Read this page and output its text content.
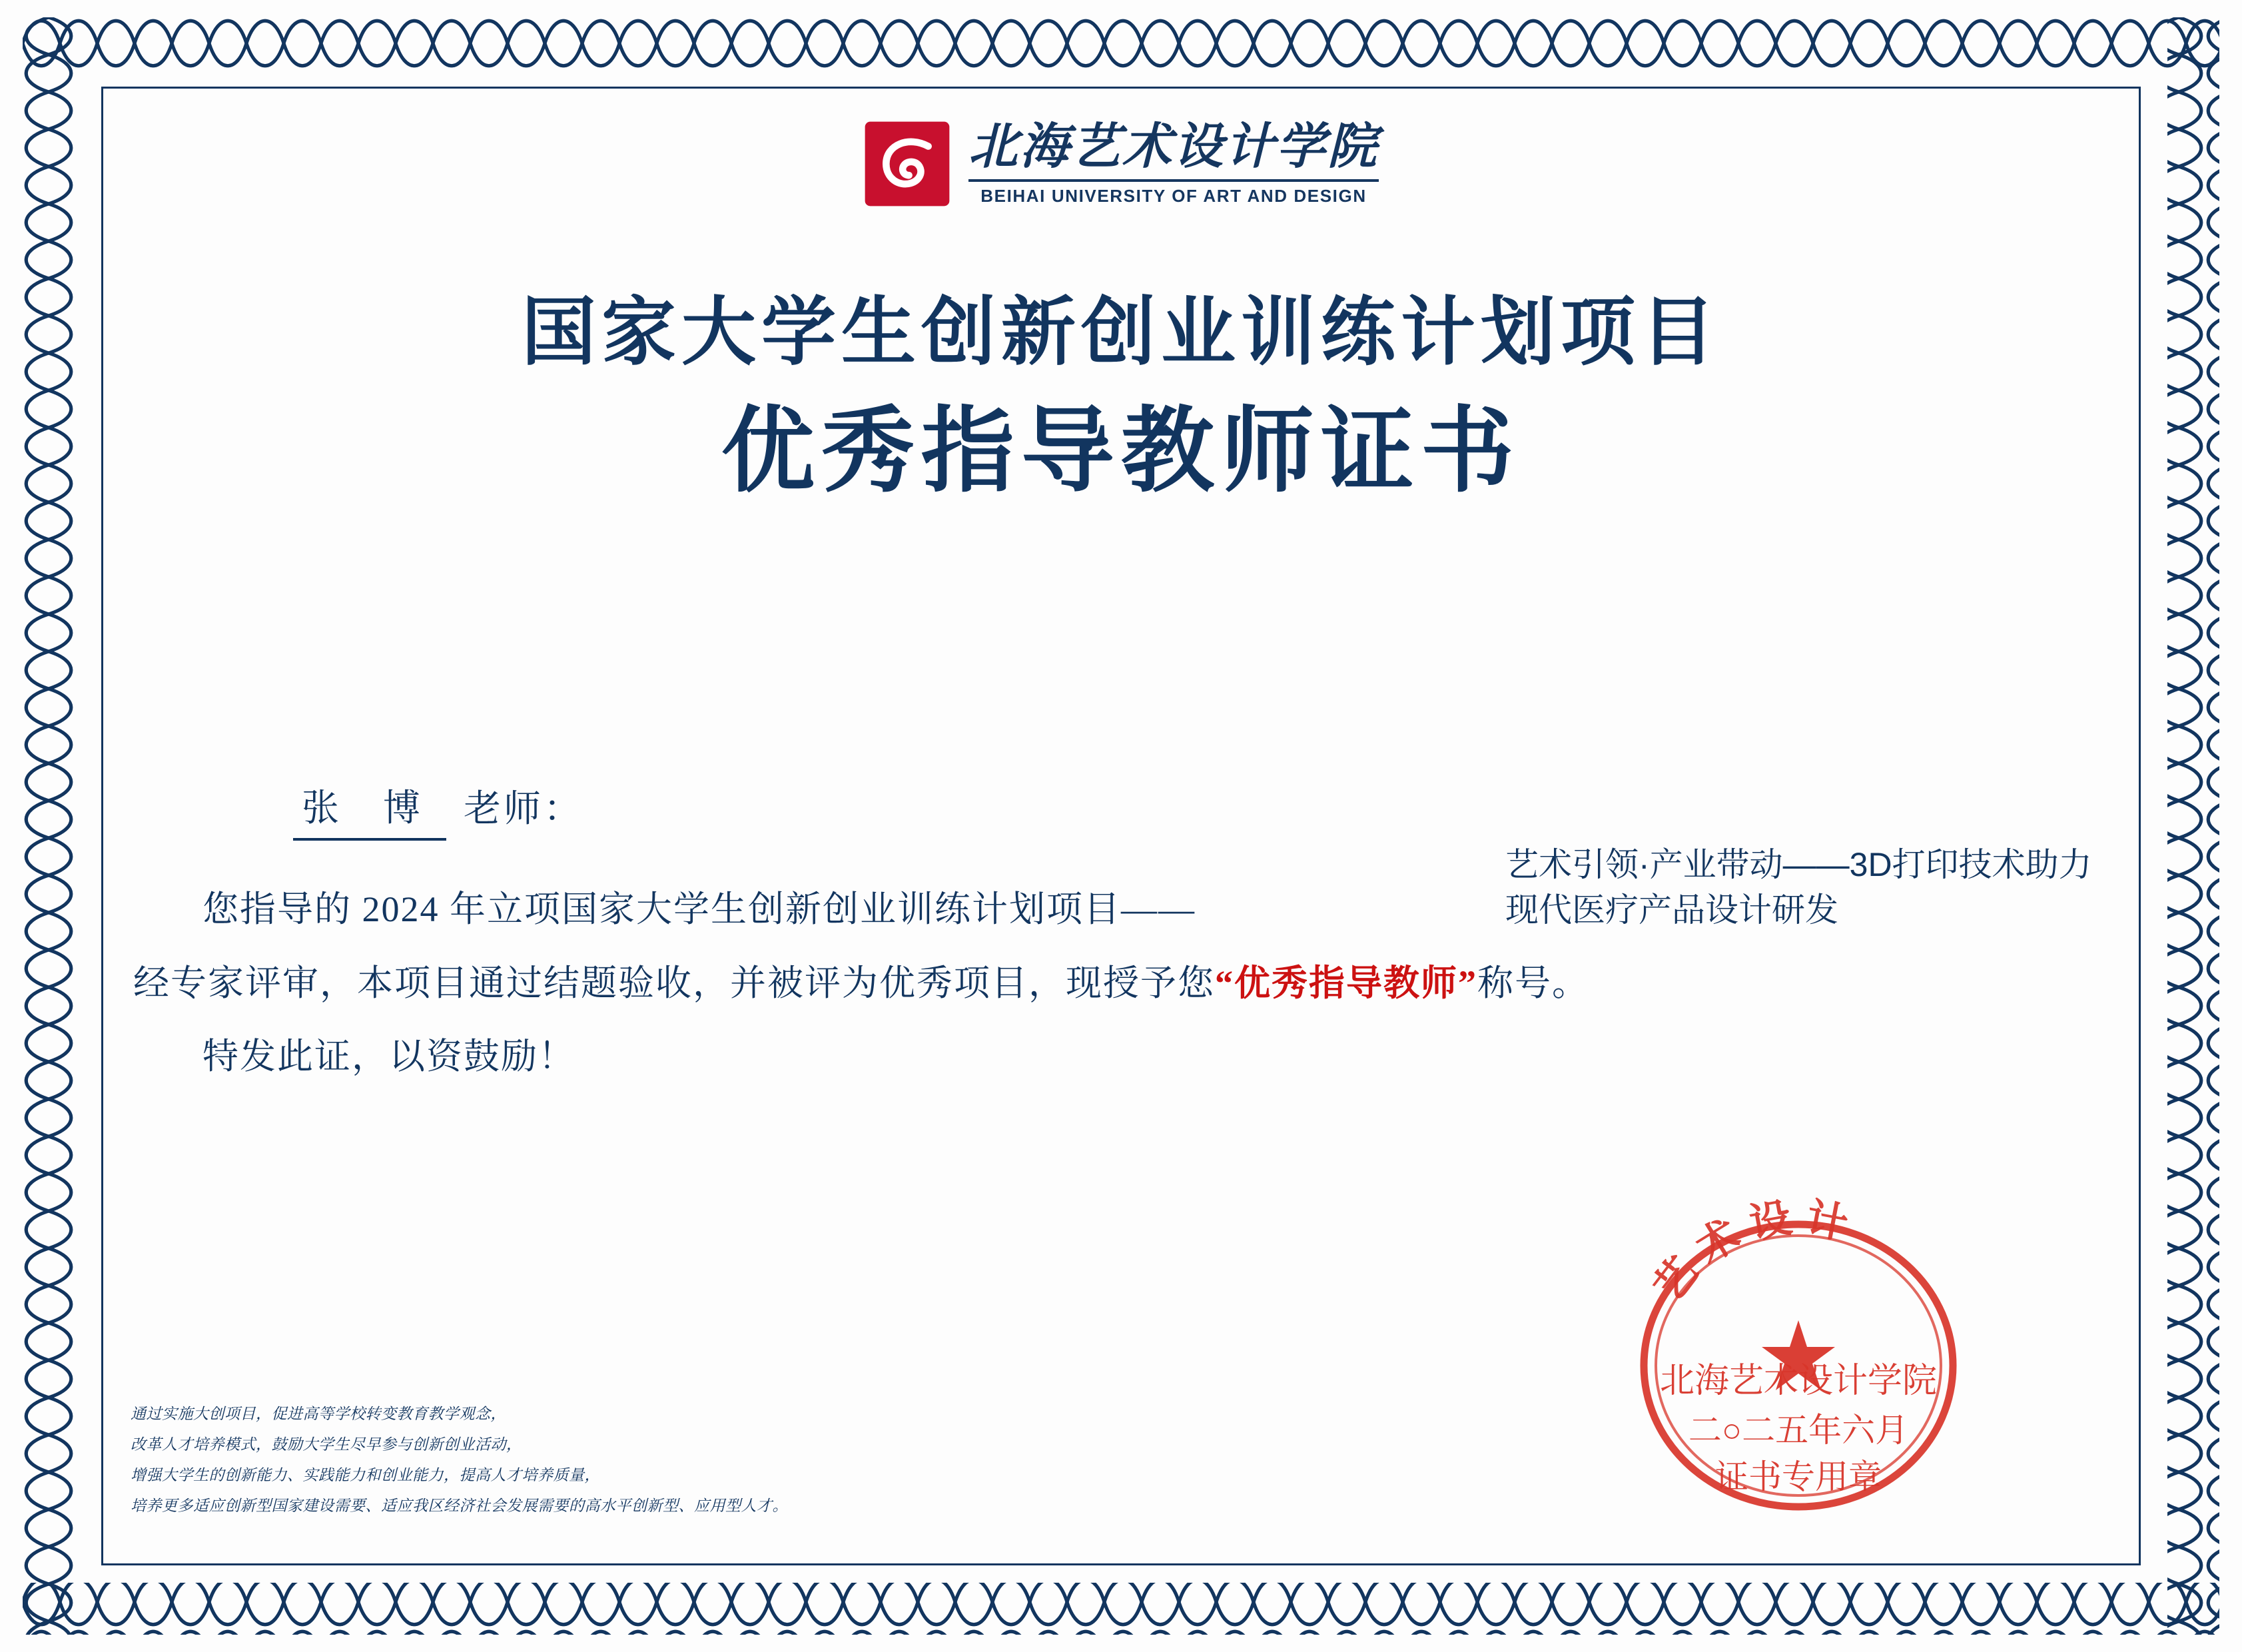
北海艺术设计学院
BEIHAI UNIVERSITY OF ART AND DESIGN
国家大学生创新创业训练计划项目
优秀指导教师证书
张 博 老师：
您指导的 2024 年立项国家大学生创新创业训练计划项目——
经专家评审，本项目通过结题验收，并被评为优秀项目，现授予您“优秀指导教师”称号。
特发此证，以资鼓励！
艺术引领·产业带动——3D打印技术助力现代医疗产品设计研发
通过实施大创项目，促进高等学校转变教育教学观念，
改革人才培养模式，鼓励大学生尽早参与创新创业活动，
增强大学生的创新能力、实践能力和创业能力，提高人才培养质量，
培养更多适应创新型国家建设需要、适应我区经济社会发展需要的高水平创新型、应用型人才。
艺 术 设 计
北海艺术设计学院
二○二五年六月
证书专用章
